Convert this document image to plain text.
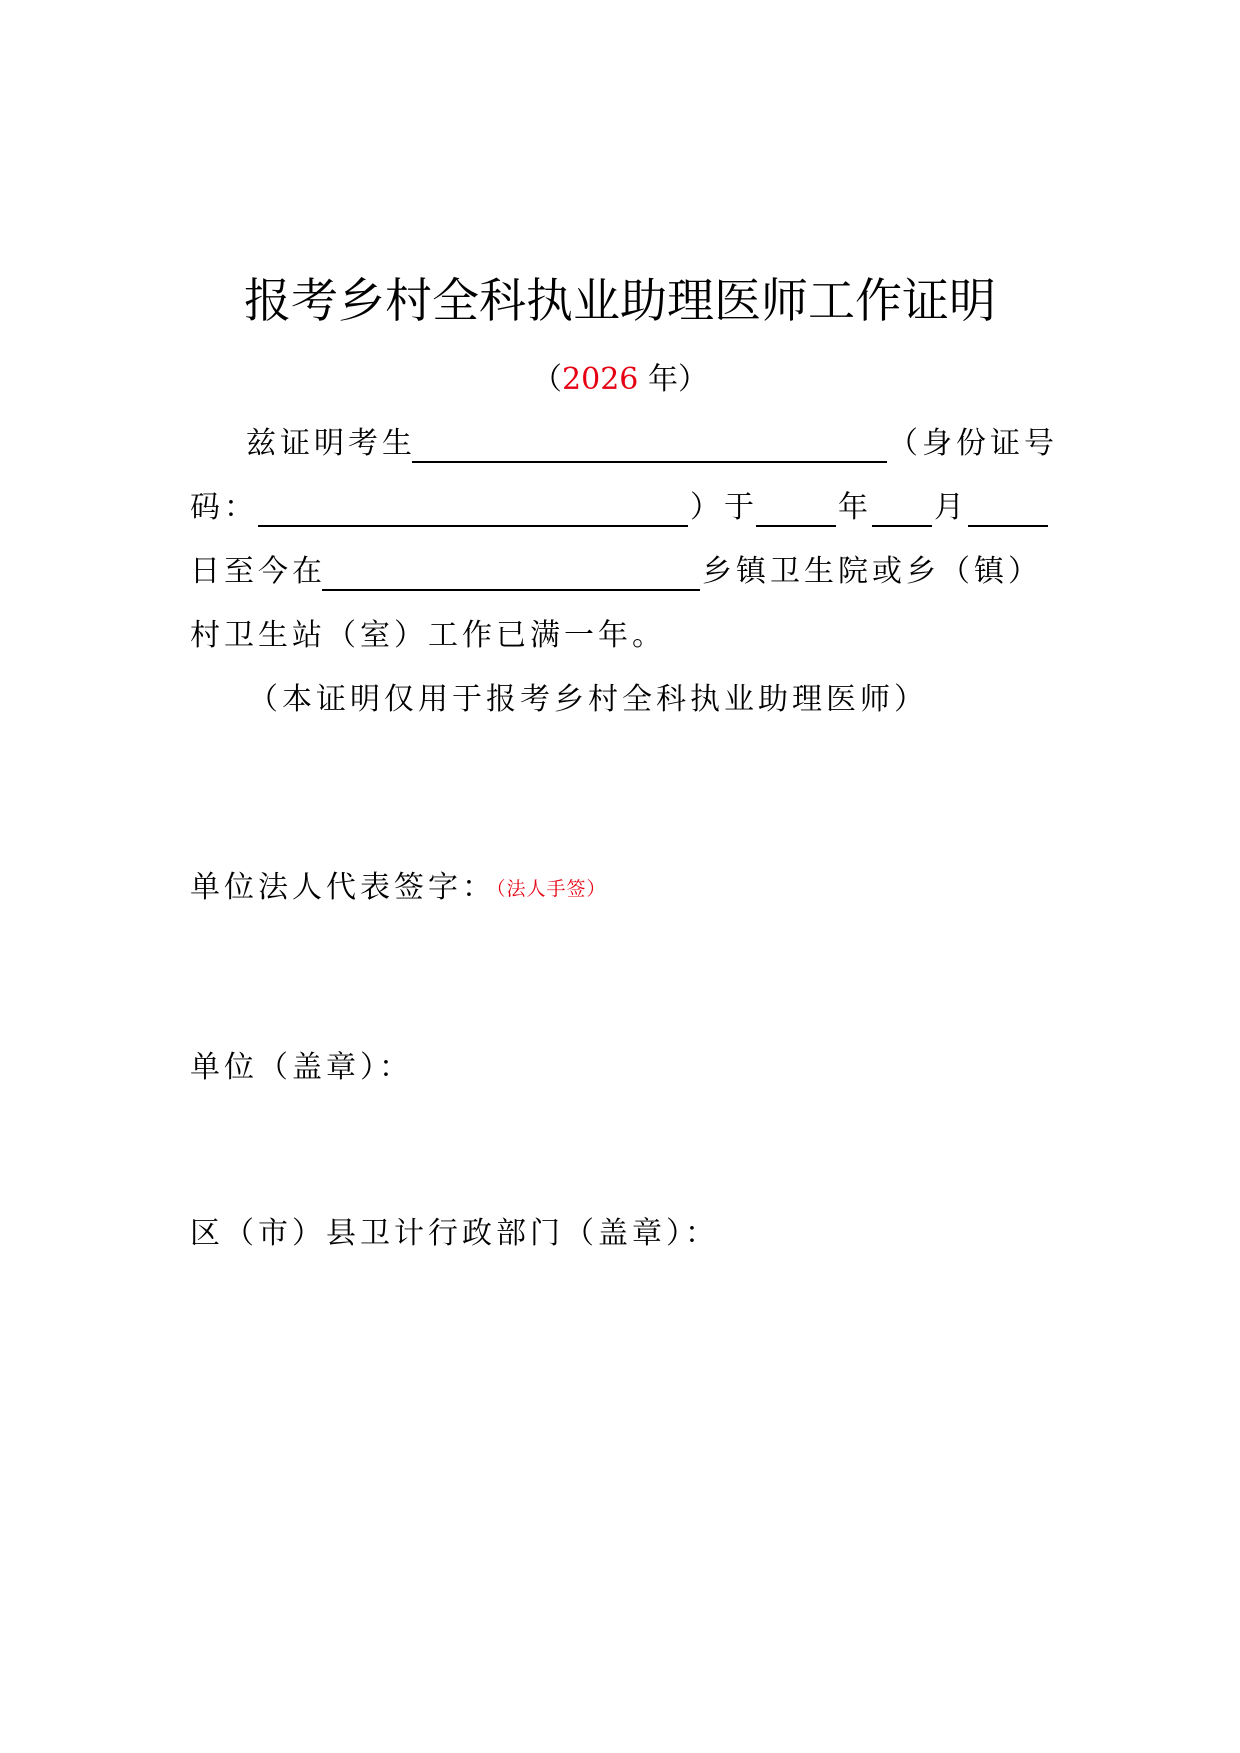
报考乡村全科执业助理医师工作证明
（2026 年）
兹证明考生	（身份证号
码：	）于	年 月
日至今在	乡镇卫生院或乡（镇）
村卫生站（室）工作已满一年。
（本证明仅用于报考乡村全科执业助理医师）
单位法人代表签字：（法人手签）
单位（盖章）：
区（市）县卫计行政部门（盖章）：
